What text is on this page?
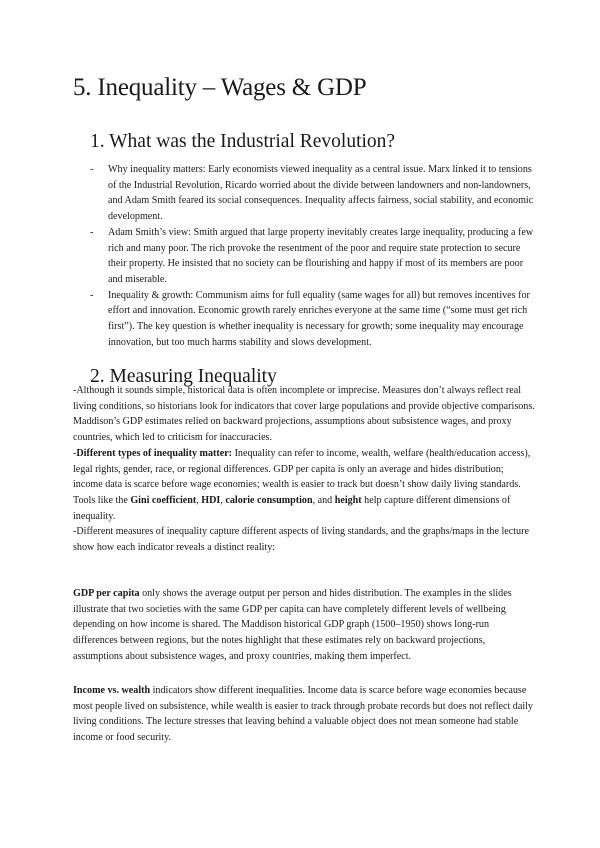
5. Inequality – Wages & GDP
1. What was the Industrial Revolution?
- Why inequality matters: Early economists viewed inequality as a central issue. Marx linked it to tensions of the Industrial Revolution, Ricardo worried about the divide between landowners and non-landowners, and Adam Smith feared its social consequences. Inequality affects fairness, social stability, and economic development.
- Adam Smith’s view: Smith argued that large property inevitably creates large inequality, producing a few rich and many poor. The rich provoke the resentment of the poor and require state protection to secure their property. He insisted that no society can be flourishing and happy if most of its members are poor and miserable.
- Inequality & growth: Communism aims for full equality (same wages for all) but removes incentives for effort and innovation. Economic growth rarely enriches everyone at the same time (“some must get rich first”). The key question is whether inequality is necessary for growth; some inequality may encourage innovation, but too much harms stability and slows development.
2. Measuring Inequality
-Although it sounds simple, historical data is often incomplete or imprecise. Measures don’t always reflect real living conditions, so historians look for indicators that cover large populations and provide objective comparisons. Maddison’s GDP estimates relied on backward projections, assumptions about subsistence wages, and proxy countries, which led to criticism for inaccuracies.
-Different types of inequality matter: Inequality can refer to income, wealth, welfare (health/education access), legal rights, gender, race, or regional differences. GDP per capita is only an average and hides distribution; income data is scarce before wage economies; wealth is easier to track but doesn’t show daily living standards. Tools like the Gini coefficient, HDI, calorie consumption, and height help capture different dimensions of inequality.
-Different measures of inequality capture different aspects of living standards, and the graphs/maps in the lecture show how each indicator reveals a distinct reality:

GDP per capita only shows the average output per person and hides distribution. The examples in the slides illustrate that two societies with the same GDP per capita can have completely different levels of wellbeing depending on how income is shared. The Maddison historical GDP graph (1500–1950) shows long-run differences between regions, but the notes highlight that these estimates rely on backward projections, assumptions about subsistence wages, and proxy countries, making them imperfect.

Income vs. wealth indicators show different inequalities. Income data is scarce before wage economies because most people lived on subsistence, while wealth is easier to track through probate records but does not reflect daily living conditions. The lecture stresses that leaving behind a valuable object does not mean someone had stable income or food security.
